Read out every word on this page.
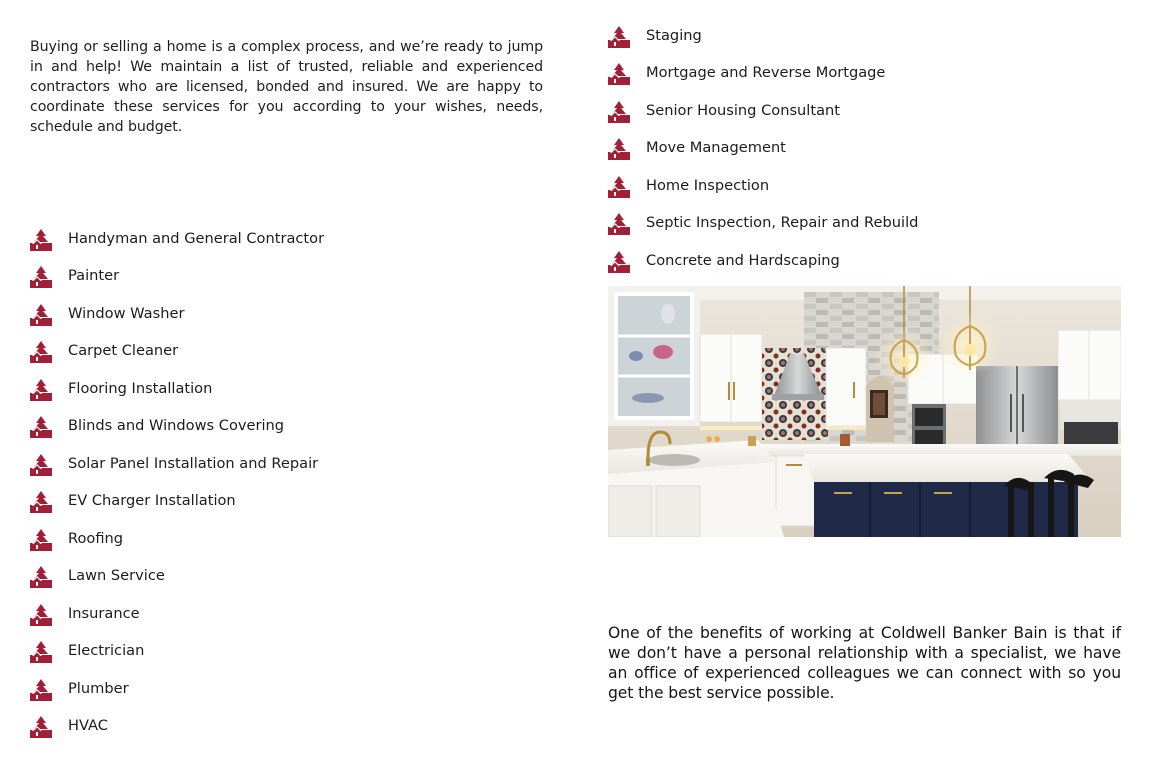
Buying or selling a home is a complex process, and we’re ready to jump in and help! We maintain a list of trusted, reliable and experienced contractors who are licensed, bonded and insured. We are happy to coordinate these services for you according to your wishes, needs, schedule and budget.

Handyman and General Contractor
Painter
Window Washer
Carpet Cleaner
Flooring Installation
Blinds and Windows Covering
Solar Panel Installation and Repair
EV Charger Installation
Roofing
Lawn Service
Insurance
Electrician
Plumber
HVAC
Staging
Mortgage and Reverse Mortgage
Senior Housing Consultant
Move Management
Home Inspection
Septic Inspection, Repair and Rebuild
Concrete and Hardscaping

One of the benefits of working at Coldwell Banker Bain is that if we don’t have a personal relationship with a specialist, we have an office of experienced colleagues we can connect with so you get the best service possible.
